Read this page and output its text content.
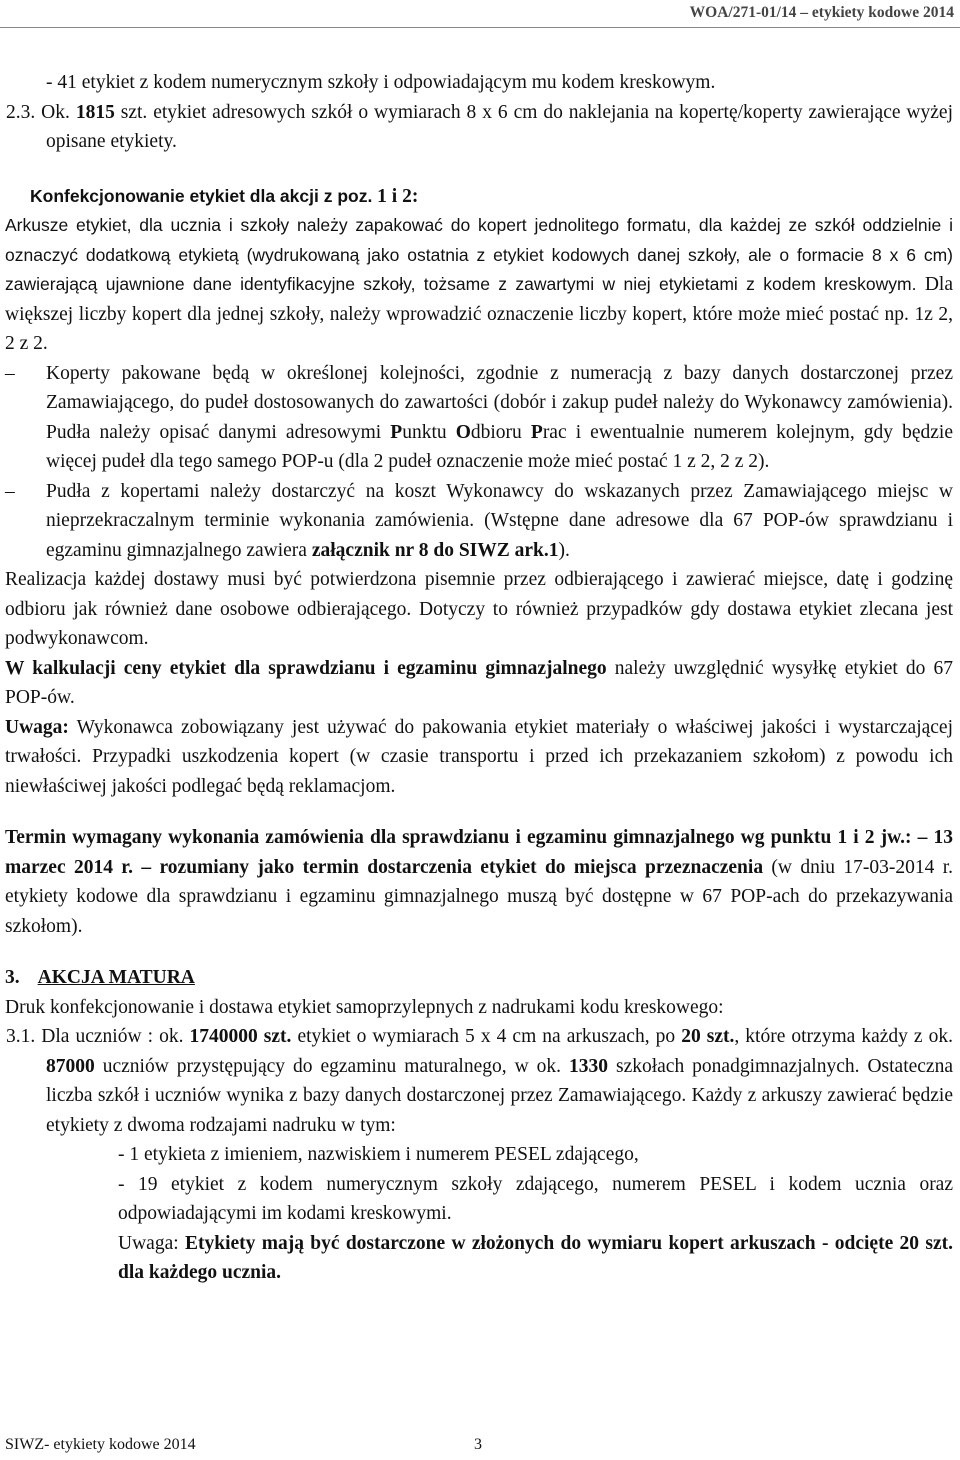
WOA/271-01/14 – etykiety kodowe 2014

- 41 etykiet z kodem numerycznym szkoły i odpowiadającym mu kodem kreskowym.

2.3. Ok. 1815 szt. etykiet adresowych szkół o wymiarach 8 x 6 cm do naklejania na kopertę/koperty zawierające wyżej opisane etykiety.

Konfekcjonowanie etykiet dla akcji z poz. 1 i 2:
Arkusze etykiet, dla ucznia i szkoły należy zapakować do kopert jednolitego formatu, dla każdej ze szkół oddzielnie i oznaczyć dodatkową etykietą (wydrukowaną jako ostatnia z etykiet kodowych danej szkoły, ale o formacie 8 x 6 cm) zawierającą ujawnione dane identyfikacyjne szkoły, tożsame z zawartymi w niej etykietami z kodem kreskowym. Dla większej liczby kopert dla jednej szkoły, należy wprowadzić oznaczenie liczby kopert, które może mieć postać np. 1z 2, 2 z 2.

–	Koperty pakowane będą w określonej kolejności, zgodnie z numeracją z bazy danych dostarczonej przez Zamawiającego, do pudeł dostosowanych do zawartości (dobór i zakup pudeł należy do Wykonawcy zamówienia). Pudła należy opisać danymi adresowymi Punktu Odbioru Prac i ewentualnie numerem kolejnym, gdy będzie więcej pudeł dla tego samego POP-u (dla 2 pudeł oznaczenie może mieć postać 1 z 2, 2 z 2).

–	Pudła z kopertami należy dostarczyć na koszt Wykonawcy do wskazanych przez Zamawiającego miejsc w nieprzekraczalnym terminie wykonania zamówienia. (Wstępne dane adresowe dla 67 POP-ów sprawdzianu i egzaminu gimnazjalnego zawiera załącznik nr 8 do SIWZ ark.1).

Realizacja każdej dostawy musi być potwierdzona pisemnie przez odbierającego i zawierać miejsce, datę i godzinę odbioru jak również dane osobowe odbierającego. Dotyczy to również przypadków gdy dostawa etykiet zlecana jest podwykonawcom.

W kalkulacji ceny etykiet dla sprawdzianu i egzaminu gimnazjalnego należy uwzględnić wysyłkę etykiet do 67 POP-ów.

Uwaga: Wykonawca zobowiązany jest używać do pakowania etykiet materiały o właściwej jakości i wystarczającej trwałości. Przypadki uszkodzenia kopert (w czasie transportu i przed ich przekazaniem szkołom) z powodu ich niewłaściwej jakości podlegać będą reklamacjom.

Termin wymagany wykonania zamówienia dla sprawdzianu i egzaminu gimnazjalnego wg punktu 1 i 2 jw.: – 13 marzec 2014 r. – rozumiany jako termin dostarczenia etykiet do miejsca przeznaczenia (w dniu 17-03-2014 r. etykiety kodowe dla sprawdzianu i egzaminu gimnazjalnego muszą być dostępne w 67 POP-ach do przekazywania szkołom).

3. AKCJA MATURA

Druk konfekcjonowanie i dostawa etykiet samoprzylepnych z nadrukami kodu kreskowego:

3.1. Dla uczniów : ok. 1740000 szt. etykiet o wymiarach 5 x 4 cm na arkuszach, po 20 szt., które otrzyma każdy z ok. 87000 uczniów przystępujący do egzaminu maturalnego, w ok. 1330 szkołach ponadgimnazjalnych. Ostateczna liczba szkół i uczniów wynika z bazy danych dostarczonej przez Zamawiającego. Każdy z arkuszy zawierać będzie etykiety z dwoma rodzajami nadruku w tym:

- 1 etykieta z imieniem, nazwiskiem i numerem PESEL zdającego,

- 19 etykiet z kodem numerycznym szkoły zdającego, numerem PESEL i kodem ucznia oraz odpowiadającymi im kodami kreskowymi.

Uwaga: Etykiety mają być dostarczone w złożonych do wymiaru kopert arkuszach - odcięte 20 szt. dla każdego ucznia.

SIWZ- etykiety kodowe 2014	3
